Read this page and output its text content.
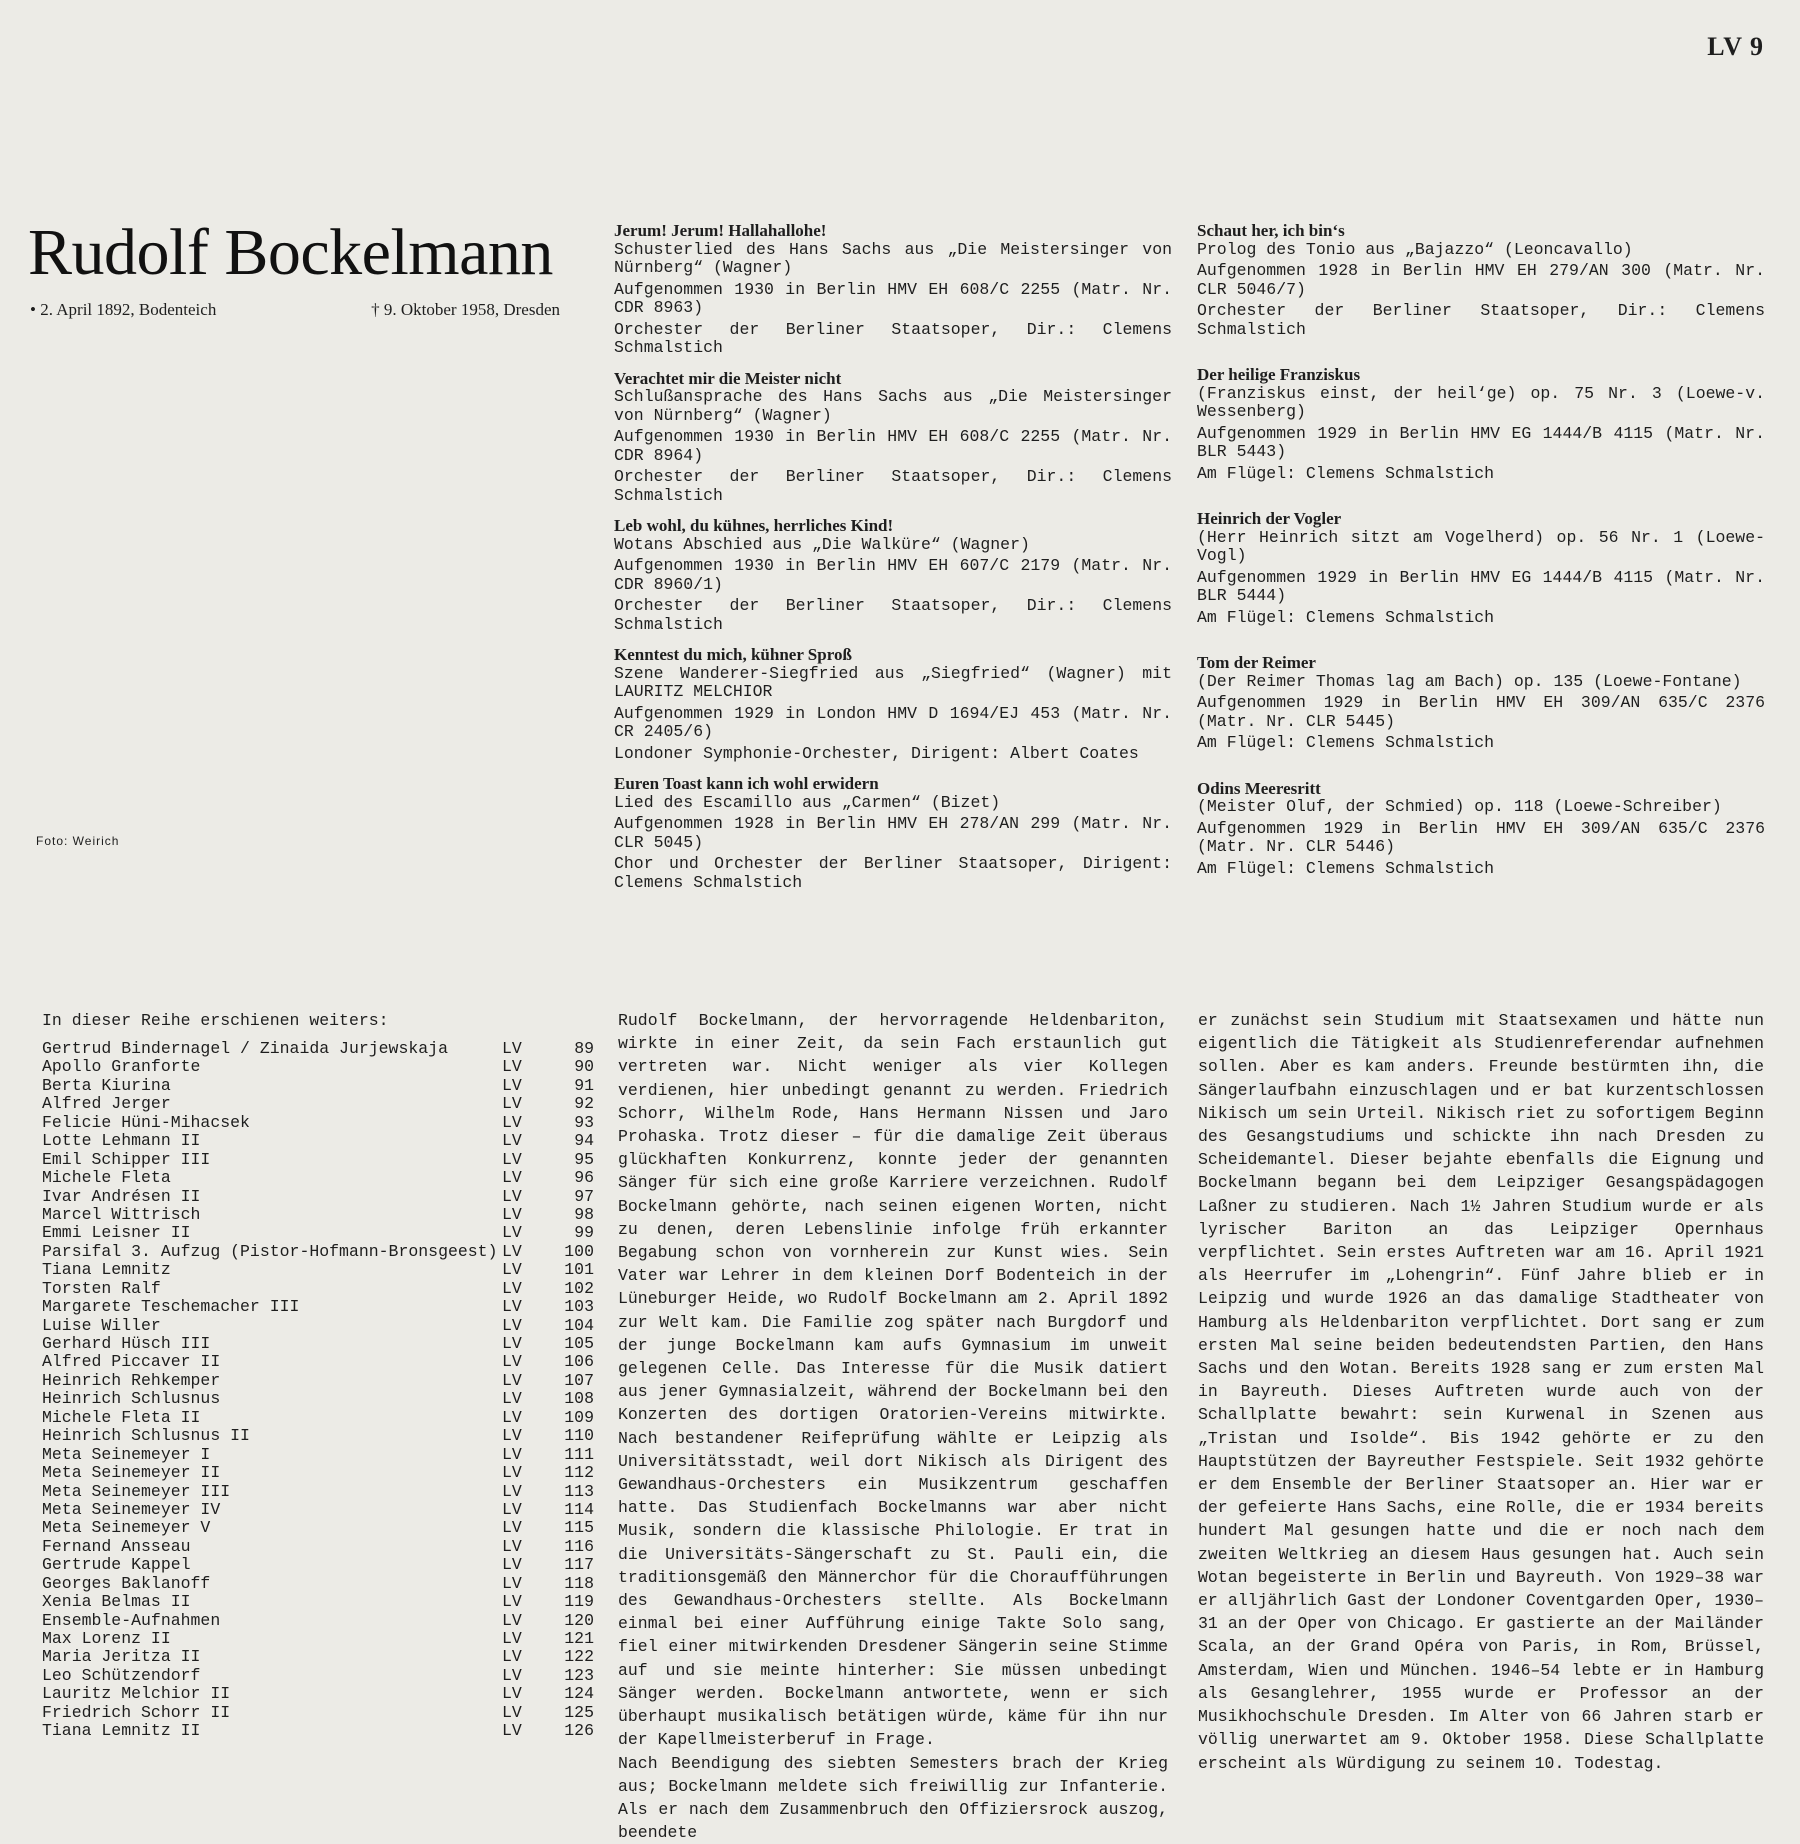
LV 9
Rudolf Bockelmann
• 2. April 1892, Bodenteich	† 9. Oktober 1958, Dresden
Foto: Weirich
Jerum! Jerum! Hallahallohe!

Schusterlied des Hans Sachs aus „Die Meistersinger von Nürnberg“ (Wagner)

Aufgenommen 1930 in Berlin HMV EH 608/C 2255 (Matr. Nr. CDR 8963)

Orchester der Berliner Staatsoper, Dir.: Clemens Schmalstich

Verachtet mir die Meister nicht

Schlußansprache des Hans Sachs aus „Die Meistersinger von Nürnberg“ (Wagner)

Aufgenommen 1930 in Berlin HMV EH 608/C 2255 (Matr. Nr. CDR 8964)

Orchester der Berliner Staatsoper, Dir.: Clemens Schmalstich

Leb wohl, du kühnes, herrliches Kind!

Wotans Abschied aus „Die Walküre“ (Wagner)

Aufgenommen 1930 in Berlin HMV EH 607/C 2179 (Matr. Nr. CDR 8960/1)

Orchester der Berliner Staatsoper, Dir.: Clemens Schmalstich

Kenntest du mich, kühner Sproß

Szene Wanderer-Siegfried aus „Siegfried“ (Wagner) mit LAURITZ MELCHIOR

Aufgenommen 1929 in London HMV D 1694/EJ 453 (Matr. Nr. CR 2405/6)

Londoner Symphonie-Orchester, Dirigent: Albert Coates

Euren Toast kann ich wohl erwidern

Lied des Escamillo aus „Carmen“ (Bizet)

Aufgenommen 1928 in Berlin HMV EH 278/AN 299 (Matr. Nr. CLR 5045)

Chor und Orchester der Berliner Staatsoper, Dirigent: Clemens Schmalstich

Schaut her, ich bin‘s

Prolog des Tonio aus „Bajazzo“ (Leoncavallo)

Aufgenommen 1928 in Berlin HMV EH 279/AN 300 (Matr. Nr. CLR 5046/7)

Orchester der Berliner Staatsoper, Dir.: Clemens Schmalstich

Der heilige Franziskus

(Franziskus einst, der heil‘ge) op. 75 Nr. 3 (Loewe-v. Wessenberg)

Aufgenommen 1929 in Berlin HMV EG 1444/B 4115 (Matr. Nr. BLR 5443)

Am Flügel: Clemens Schmalstich

Heinrich der Vogler

(Herr Heinrich sitzt am Vogelherd) op. 56 Nr. 1 (Loewe-Vogl)

Aufgenommen 1929 in Berlin HMV EG 1444/B 4115 (Matr. Nr. BLR 5444)

Am Flügel: Clemens Schmalstich

Tom der Reimer

(Der Reimer Thomas lag am Bach) op. 135 (Loewe-Fontane)

Aufgenommen 1929 in Berlin HMV EH 309/AN 635/C 2376 (Matr. Nr. CLR 5445)

Am Flügel: Clemens Schmalstich

Odins Meeresritt

(Meister Oluf, der Schmied) op. 118 (Loewe-Schreiber)

Aufgenommen 1929 in Berlin HMV EH 309/AN 635/C 2376 (Matr. Nr. CLR 5446)

Am Flügel: Clemens Schmalstich

In dieser Reihe erschienen weiters:
Gertrud Bindernagel / Zinaida Jurjewskaja	LV	89
Apollo Granforte	LV	90
Berta Kiurina	LV	91
Alfred Jerger	LV	92
Felicie Hüni-Mihacsek	LV	93
Lotte Lehmann II	LV	94
Emil Schipper III	LV	95
Michele Fleta	LV	96
Ivar Andrésen II	LV	97
Marcel Wittrisch	LV	98
Emmi Leisner II	LV	99
Parsifal 3. Aufzug (Pistor-Hofmann-Bronsgeest) LV	100
Tiana Lemnitz	LV	101
Torsten Ralf	LV	102
Margarete Teschemacher III	LV	103
Luise Willer	LV	104
Gerhard Hüsch III	LV	105
Alfred Piccaver II	LV	106
Heinrich Rehkemper	LV	107
Heinrich Schlusnus	LV	108
Michele Fleta II	LV	109
Heinrich Schlusnus II	LV	110
Meta Seinemeyer I	LV	111
Meta Seinemeyer II	LV	112
Meta Seinemeyer III	LV	113
Meta Seinemeyer IV	LV	114
Meta Seinemeyer V	LV	115
Fernand Ansseau	LV	116
Gertrude Kappel	LV	117
Georges Baklanoff	LV	118
Xenia Belmas II	LV	119
Ensemble-Aufnahmen	LV	120
Max Lorenz II	LV	121
Maria Jeritza II	LV	122
Leo Schützendorf	LV	123
Lauritz Melchior II	LV	124
Friedrich Schorr II	LV	125
Tiana Lemnitz II	LV	126

Rudolf Bockelmann, der hervorragende Heldenbariton, wirkte in einer Zeit, da sein Fach erstaunlich gut vertreten war. Nicht weniger als vier Kollegen verdienen, hier unbedingt genannt zu werden. Friedrich Schorr, Wilhelm Rode, Hans Hermann Nissen und Jaro Prohaska. Trotz dieser – für die damalige Zeit überaus glückhaften Konkurrenz, konnte jeder der genannten Sänger für sich eine große Karriere verzeichnen. Rudolf Bockelmann gehörte, nach seinen eigenen Worten, nicht zu denen, deren Lebenslinie infolge früh erkannter Begabung schon von vornherein zur Kunst wies. Sein Vater war Lehrer in dem kleinen Dorf Bodenteich in der Lüneburger Heide, wo Rudolf Bockelmann am 2. April 1892 zur Welt kam. Die Familie zog später nach Burgdorf und der junge Bockelmann kam aufs Gymnasium im unweit gelegenen Celle. Das Interesse für die Musik datiert aus jener Gymnasialzeit, während der Bockelmann bei den Konzerten des dortigen Oratorien-Vereins mitwirkte. Nach bestandener Reifeprüfung wählte er Leipzig als Universitätsstadt, weil dort Nikisch als Dirigent des Gewandhaus-Orchesters ein Musikzentrum geschaffen hatte. Das Studienfach Bockelmanns war aber nicht Musik, sondern die klassische Philologie. Er trat in die Universitäts-Sängerschaft zu St. Pauli ein, die traditionsgemäß den Männerchor für die Choraufführungen des Gewandhaus-Orchesters stellte. Als Bockelmann einmal bei einer Aufführung einige Takte Solo sang, fiel einer mitwirkenden Dresdener Sängerin seine Stimme auf und sie meinte hinterher: Sie müssen unbedingt Sänger werden. Bockelmann antwortete, wenn er sich überhaupt musikalisch betätigen würde, käme für ihn nur der Kapellmeisterberuf in Frage.

Nach Beendigung des siebten Semesters brach der Krieg aus; Bockelmann meldete sich freiwillig zur Infanterie. Als er nach dem Zusammenbruch den Offiziersrock auszog, beendete

er zunächst sein Studium mit Staatsexamen und hätte nun eigentlich die Tätigkeit als Studienreferendar aufnehmen sollen. Aber es kam anders. Freunde bestürmten ihn, die Sängerlaufbahn einzuschlagen und er bat kurzentschlossen Nikisch um sein Urteil. Nikisch riet zu sofortigem Beginn des Gesangstudiums und schickte ihn nach Dresden zu Scheidemantel. Dieser bejahte ebenfalls die Eignung und Bockelmann begann bei dem Leipziger Gesangspädagogen Laßner zu studieren. Nach 1½ Jahren Studium wurde er als lyrischer Bariton an das Leipziger Opernhaus verpflichtet. Sein erstes Auftreten war am 16. April 1921 als Heerrufer im „Lohengrin“. Fünf Jahre blieb er in Leipzig und wurde 1926 an das damalige Stadtheater von Hamburg als Heldenbariton verpflichtet. Dort sang er zum ersten Mal seine beiden bedeutendsten Partien, den Hans Sachs und den Wotan. Bereits 1928 sang er zum ersten Mal in Bayreuth. Dieses Auftreten wurde auch von der Schallplatte bewahrt: sein Kurwenal in Szenen aus „Tristan und Isolde“. Bis 1942 gehörte er zu den Hauptstützen der Bayreuther Festspiele. Seit 1932 gehörte er dem Ensemble der Berliner Staatsoper an. Hier war er der gefeierte Hans Sachs, eine Rolle, die er 1934 bereits hundert Mal gesungen hatte und die er noch nach dem zweiten Weltkrieg an diesem Haus gesungen hat. Auch sein Wotan begeisterte in Berlin und Bayreuth. Von 1929–38 war er alljährlich Gast der Londoner Coventgarden Oper, 1930–31 an der Oper von Chicago. Er gastierte an der Mailänder Scala, an der Grand Opéra von Paris, in Rom, Brüssel, Amsterdam, Wien und München. 1946–54 lebte er in Hamburg als Gesanglehrer, 1955 wurde er Professor an der Musikhochschule Dresden. Im Alter von 66 Jahren starb er völlig unerwartet am 9. Oktober 1958. Diese Schallplatte erscheint als Würdigung zu seinem 10. Todestag.
